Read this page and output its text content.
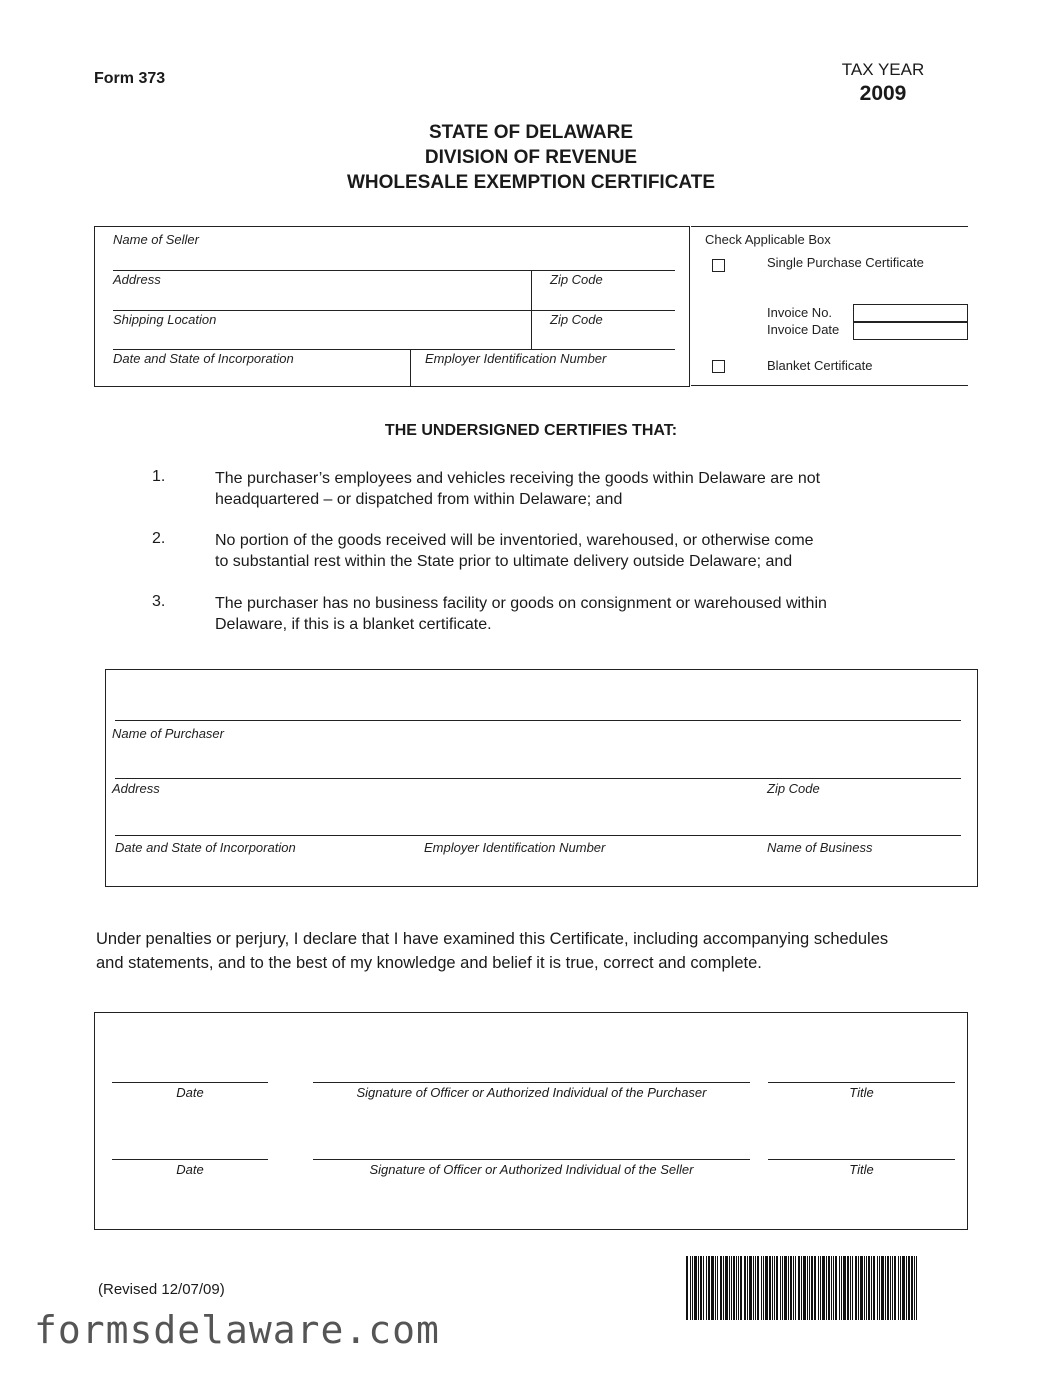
Form 373	TAX YEAR
2009
STATE OF DELAWARE
DIVISION OF REVENUE
WHOLESALE EXEMPTION CERTIFICATE
Name of Seller
Address	Zip Code
Shipping Location	Zip Code
Date and State of Incorporation	Employer Identification Number
Check Applicable Box
Single Purchase Certificate
Invoice No.
Invoice Date
Blanket Certificate
THE UNDERSIGNED CERTIFIES THAT:
1.	The purchaser’s employees and vehicles receiving the goods within Delaware are not
headquartered – or dispatched from within Delaware; and
2.	No portion of the goods received will be inventoried, warehoused, or otherwise come
to substantial rest within the State prior to ultimate delivery outside Delaware; and
3.	The purchaser has no business facility or goods on consignment or warehoused within
Delaware, if this is a blanket certificate.
Name of Purchaser
Address	Zip Code
Date and State of Incorporation	Employer Identification Number	Name of Business
Under penalties or perjury, I declare that I have examined this Certificate, including accompanying schedules
and statements, and to the best of my knowledge and belief it is true, correct and complete.
Date	Signature of Officer or Authorized Individual of the Purchaser	Title
Date	Signature of Officer or Authorized Individual of the Seller	Title
(Revised 12/07/09)
formsdelaware.com
